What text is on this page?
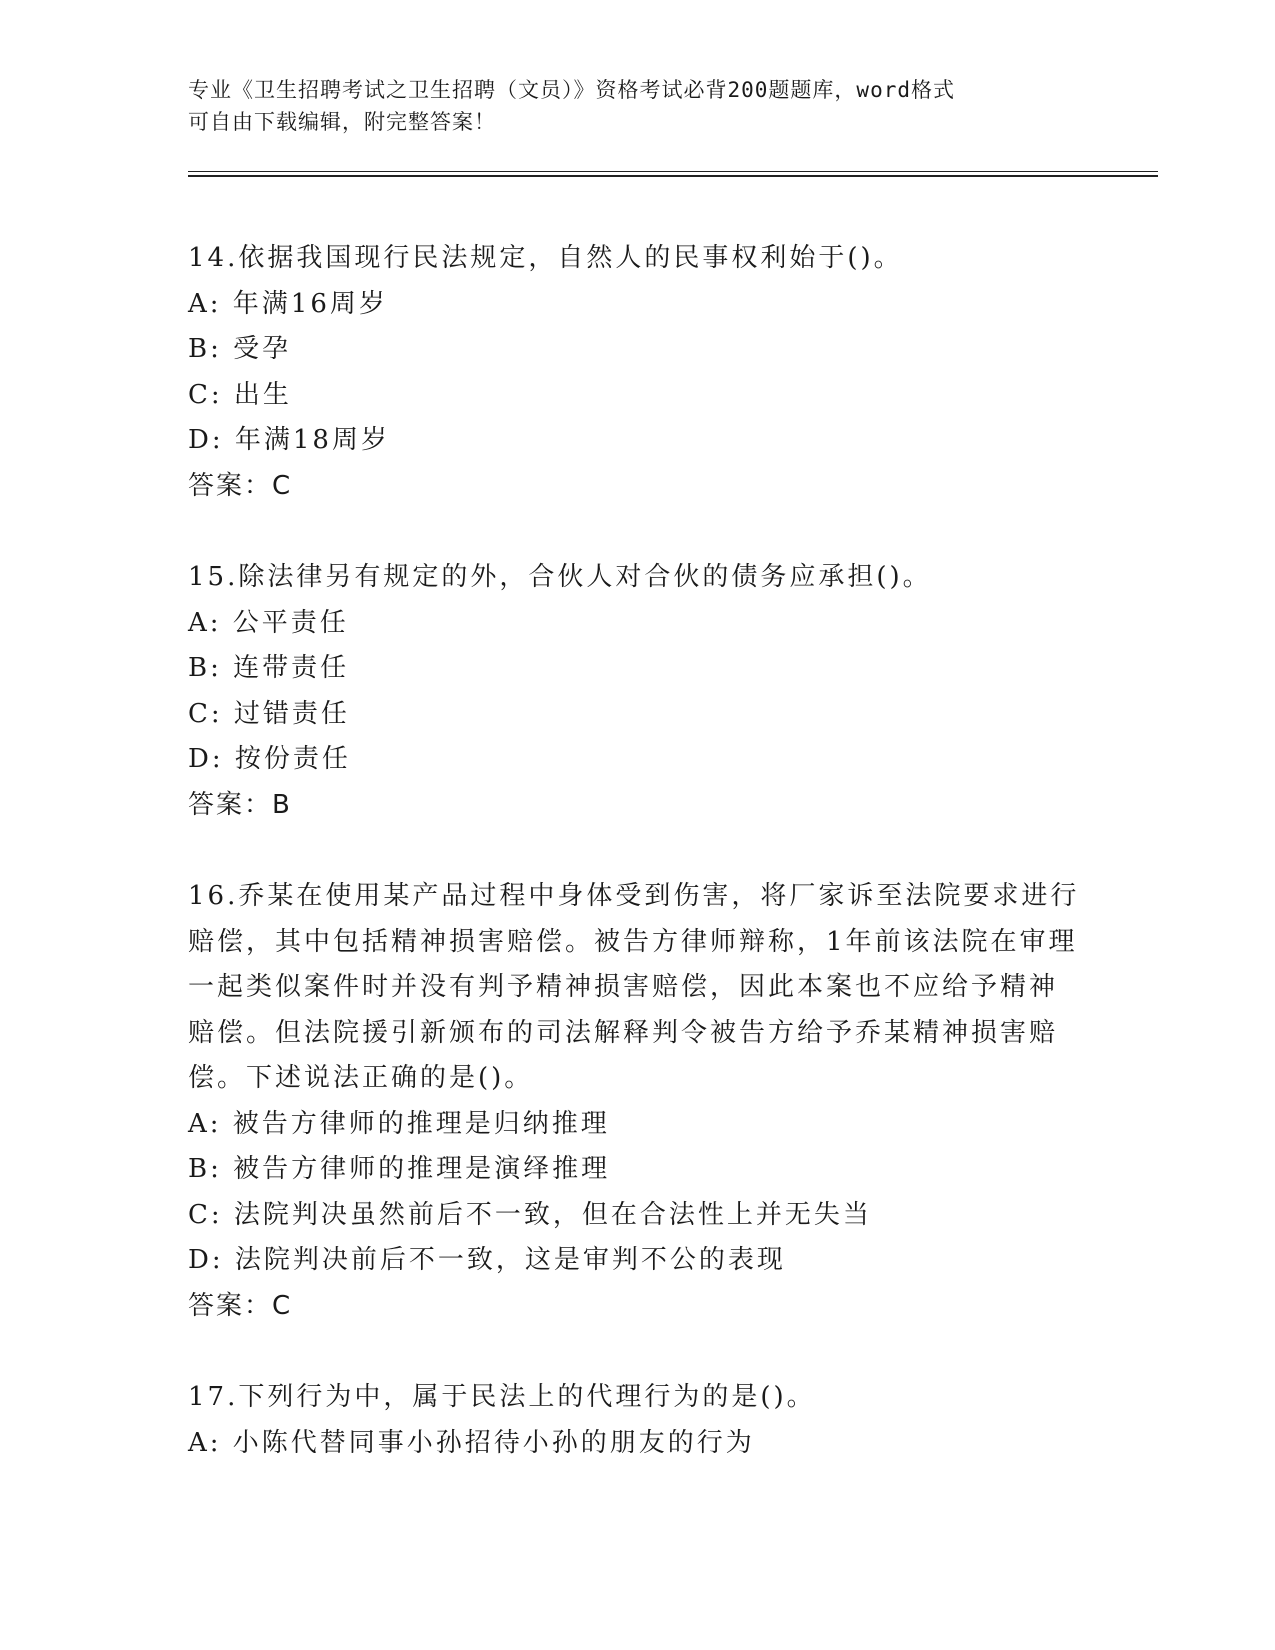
专业《卫生招聘考试之卫生招聘（文员）》资格考试必背200题题库，word格式
可自由下载编辑，附完整答案！
14.依据我国现行民法规定，自然人的民事权利始于()。
A: 年满16周岁
B: 受孕
C: 出生
D: 年满18周岁
答案：C
15.除法律另有规定的外，合伙人对合伙的债务应承担()。
A: 公平责任
B: 连带责任
C: 过错责任
D: 按份责任
答案：B
16.乔某在使用某产品过程中身体受到伤害，将厂家诉至法院要求进行
赔偿，其中包括精神损害赔偿。被告方律师辩称，1年前该法院在审理
一起类似案件时并没有判予精神损害赔偿，因此本案也不应给予精神
赔偿。但法院援引新颁布的司法解释判令被告方给予乔某精神损害赔
偿。下述说法正确的是()。
A: 被告方律师的推理是归纳推理
B: 被告方律师的推理是演绎推理
C: 法院判决虽然前后不一致，但在合法性上并无失当
D: 法院判决前后不一致，这是审判不公的表现
答案：C
17.下列行为中，属于民法上的代理行为的是()。
A: 小陈代替同事小孙招待小孙的朋友的行为
